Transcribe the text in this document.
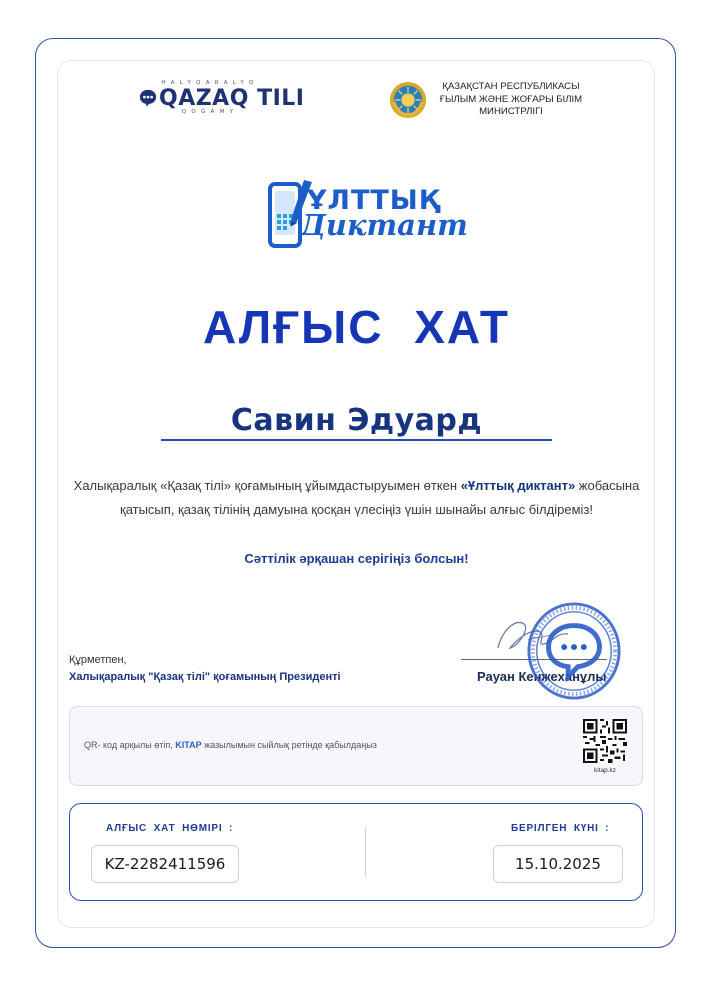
HALYQARALYQ
QAZAQ TILI
QOĞAMY
ҚАЗАҚСТАН РЕСПУБЛИКАСЫ
ҒЫЛЫМ ЖӘНЕ ЖОҒАРЫ БІЛІМ
МИНИСТРЛІГІ
ҰЛТТЫҚ
Диктант
АЛҒЫС ХАТ
Савин Эдуард
Халықаралық «Қазақ тілі» қоғамының ұйымдастыруымен өткен «Ұлттық диктант» жобасына
қатысып, қазақ тілінің дамуына қосқан үлесіңіз үшін шынайы алғыс білдіреміз!
Сәттілік әрқашан серігіңіз болсын!
Құрметпен,
Халықаралық "Қазақ тілі" қоғамының Президенті	Рауан Кенжеханұлы
QR- код арқылы өтіп, KITAP жазылымын сыйлық ретінде қабылдаңыз
kitap.kz
АЛҒЫС ХАТ НӨМІРІ :	БЕРІЛГЕН КҮНІ :
KZ-2282411596	15.10.2025
